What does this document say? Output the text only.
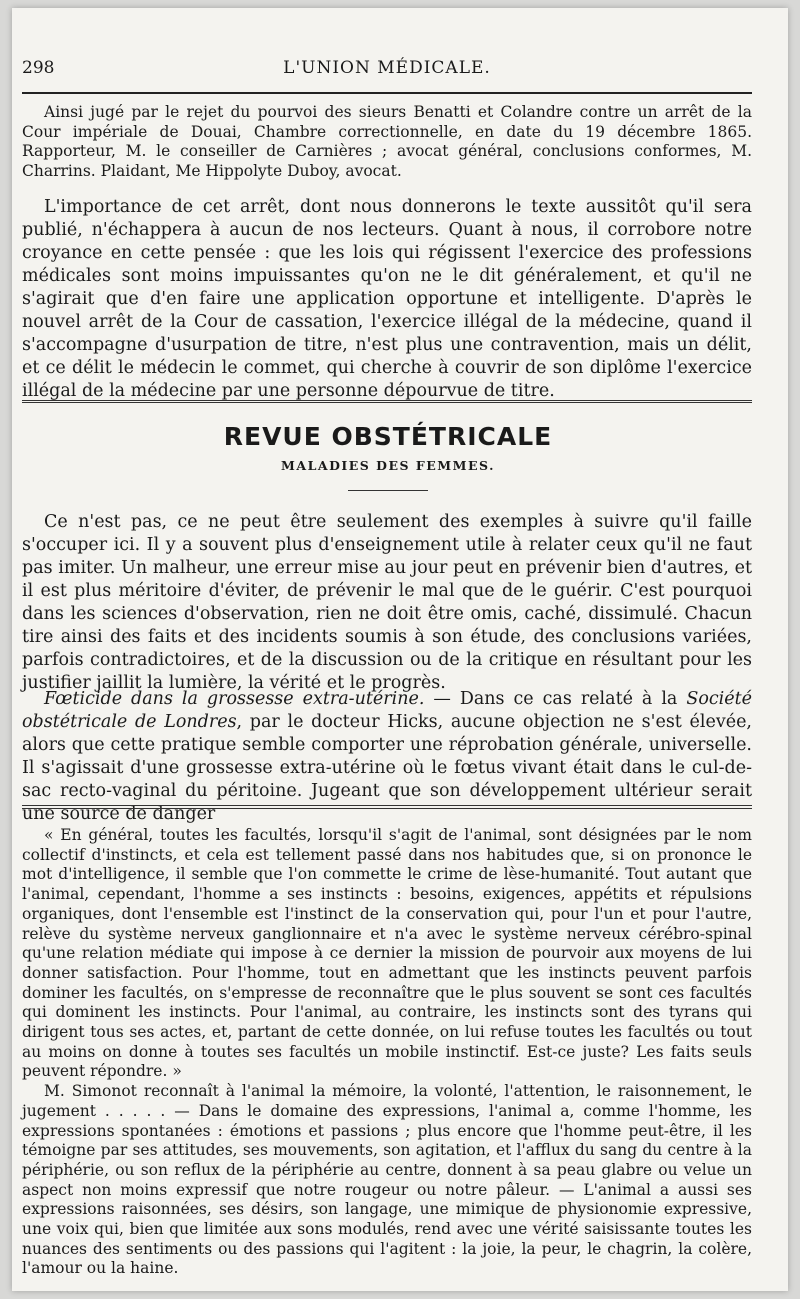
298	L'UNION MÉDICALE.

Ainsi jugé par le rejet du pourvoi des sieurs Benatti et Colandre contre un arrêt de la Cour impériale de Douai, Chambre correctionnelle, en date du 19 décembre 1865. Rapporteur, M. le conseiller de Carnières ; avocat général, conclusions conformes, M. Charrins. Plaidant, Me Hippolyte Duboy, avocat.

L'importance de cet arrêt, dont nous donnerons le texte aussitôt qu'il sera publié, n'échappera à aucun de nos lecteurs. Quant à nous, il corrobore notre croyance en cette pensée : que les lois qui régissent l'exercice des professions médicales sont moins impuissantes qu'on ne le dit généralement, et qu'il ne s'agirait que d'en faire une application opportune et intelligente. D'après le nouvel arrêt de la Cour de cassation, l'exercice illégal de la médecine, quand il s'accompagne d'usurpation de titre, n'est plus une contravention, mais un délit, et ce délit le médecin le commet, qui cherche à couvrir de son diplôme l'exercice illégal de la médecine par une personne dépourvue de titre.

REVUE OBSTÉTRICALE
MALADIES DES FEMMES.

Ce n'est pas, ce ne peut être seulement des exemples à suivre qu'il faille s'occuper ici. Il y a souvent plus d'enseignement utile à relater ceux qu'il ne faut pas imiter. Un malheur, une erreur mise au jour peut en prévenir bien d'autres, et il est plus méritoire d'éviter, de prévenir le mal que de le guérir. C'est pourquoi dans les sciences d'observation, rien ne doit être omis, caché, dissimulé. Chacun tire ainsi des faits et des incidents soumis à son étude, des conclusions variées, parfois contradictoires, et de la discussion ou de la critique en résultant pour les justifier jaillit la lumière, la vérité et le progrès.

Fœticide dans la grossesse extra-utérine. — Dans ce cas relaté à la Société obstétricale de Londres, par le docteur Hicks, aucune objection ne s'est élevée, alors que cette pratique semble comporter une réprobation générale, universelle. Il s'agissait d'une grossesse extra-utérine où le fœtus vivant était dans le cul-de-sac recto-vaginal du péritoine. Jugeant que son développement ultérieur serait une source de danger

« En général, toutes les facultés, lorsqu'il s'agit de l'animal, sont désignées par le nom collectif d'instincts, et cela est tellement passé dans nos habitudes que, si on prononce le mot d'intelligence, il semble que l'on commette le crime de lèse-humanité. Tout autant que l'animal, cependant, l'homme a ses instincts : besoins, exigences, appétits et répulsions organiques, dont l'ensemble est l'instinct de la conservation qui, pour l'un et pour l'autre, relève du système nerveux ganglionnaire et n'a avec le système nerveux cérébro-spinal qu'une relation médiate qui impose à ce dernier la mission de pourvoir aux moyens de lui donner satisfaction. Pour l'homme, tout en admettant que les instincts peuvent parfois dominer les facultés, on s'empresse de reconnaître que le plus souvent se sont ces facultés qui dominent les instincts. Pour l'animal, au contraire, les instincts sont des tyrans qui dirigent tous ses actes, et, partant de cette donnée, on lui refuse toutes les facultés ou tout au moins on donne à toutes ses facultés un mobile instinctif. Est-ce juste? Les faits seuls peuvent répondre. »

M. Simonot reconnaît à l'animal la mémoire, la volonté, l'attention, le raisonnement, le jugement . . . . . — Dans le domaine des expressions, l'animal a, comme l'homme, les expressions spontanées : émotions et passions ; plus encore que l'homme peut-être, il les témoigne par ses attitudes, ses mouvements, son agitation, et l'afflux du sang du centre à la périphérie, ou son reflux de la périphérie au centre, donnent à sa peau glabre ou velue un aspect non moins expressif que notre rougeur ou notre pâleur. — L'animal a aussi ses expressions raisonnées, ses désirs, son langage, une mimique de physionomie expressive, une voix qui, bien que limitée aux sons modulés, rend avec une vérité saisissante toutes les nuances des sentiments ou des passions qui l'agitent : la joie, la peur, le chagrin, la colère, l'amour ou la haine.
